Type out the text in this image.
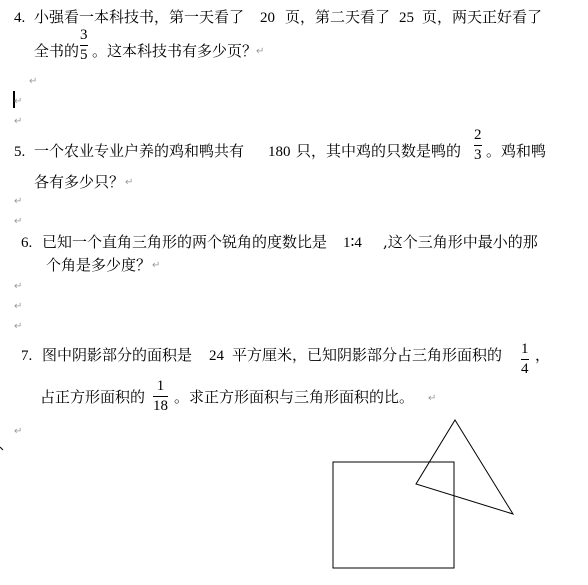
4. 小强看一本科技书，第一天看了 20 页，第二天看了 25 页，两天正好看了
全书的
3
5 。这本科技书有多少页？
↵
↵
↵
↵
5. 一个农业专业户养的鸡和鸭共有 180 只，其中鸡的只数是鸭的
2
3 。鸡和鸭
各有多少只？ ↵
↵
↵
6. 已知一个直角三角形的两个锐角的度数比是 1∶4 ,这个三角形中最小的那
个角是多少度？ ↵
↵
↵
↵
7. 图中阴影部分的面积是 24 平方厘米，已知阴影部分占三角形面积的 1
4
，
占正方形面积的
1
18 。求正方形面积与三角形面积的比。 ↵
↵
